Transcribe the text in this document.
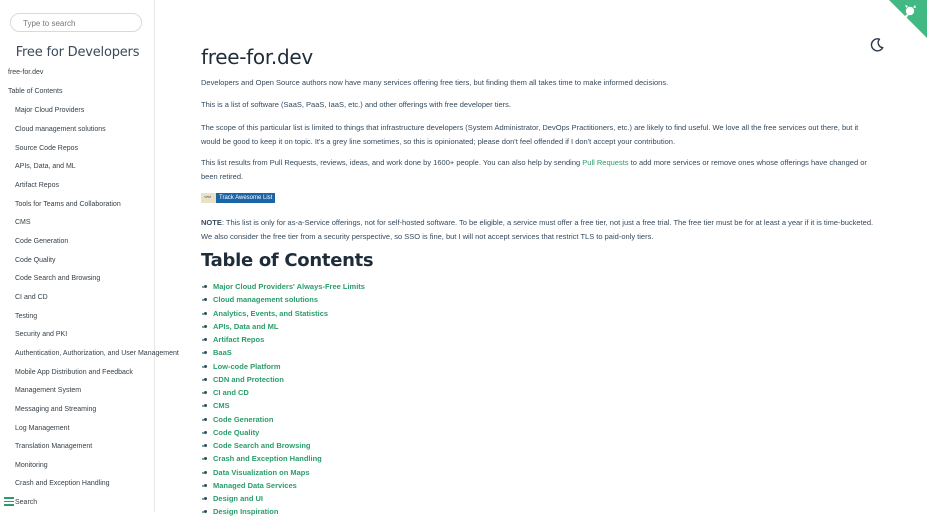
Type to search
Free for Developers
free-for.dev
Table of Contents
Major Cloud Providers
Cloud management solutions
Source Code Repos
APIs, Data, and ML
Artifact Repos
Tools for Teams and Collaboration
CMS
Code Generation
Code Quality
Code Search and Browsing
CI and CD
Testing
Security and PKI
Authentication, Authorization, and User Management
Mobile App Distribution and Feedback
Management System
Messaging and Streaming
Log Management
Translation Management
Monitoring
Crash and Exception Handling
Search
free-for.dev

Developers and Open Source authors now have many services offering free tiers, but finding them all takes time to make informed decisions.

This is a list of software (SaaS, PaaS, IaaS, etc.) and other offerings with free developer tiers.

The scope of this particular list is limited to things that infrastructure developers (System Administrator, DevOps Practitioners, etc.) are likely to find useful. We love all the free services out there, but it would be good to keep it on topic. It's a grey line sometimes, so this is opinionated; please don't feel offended if I don't accept your contribution.

This list results from Pull Requests, reviews, ideas, and work done by 1600+ people. You can also help by sending Pull Requests to add more services or remove ones whose offerings have changed or been retired.

👓	Track Awesome List

NOTE: This list is only for as-a-Service offerings, not for self-hosted software. To be eligible, a service must offer a free tier, not just a free trial. The free tier must be for at least a year if it is time-bucketed. We also consider the free tier from a security perspective, so SSO is fine, but I will not accept services that restrict TLS to paid-only tiers.

Table of Contents
• Major Cloud Providers' Always-Free Limits
• Cloud management solutions
• Analytics, Events, and Statistics
• APIs, Data and ML
• Artifact Repos
• BaaS
• Low-code Platform
• CDN and Protection
• CI and CD
• CMS
• Code Generation
• Code Quality
• Code Search and Browsing
• Crash and Exception Handling
• Data Visualization on Maps
• Managed Data Services
• Design and UI
• Design Inspiration
